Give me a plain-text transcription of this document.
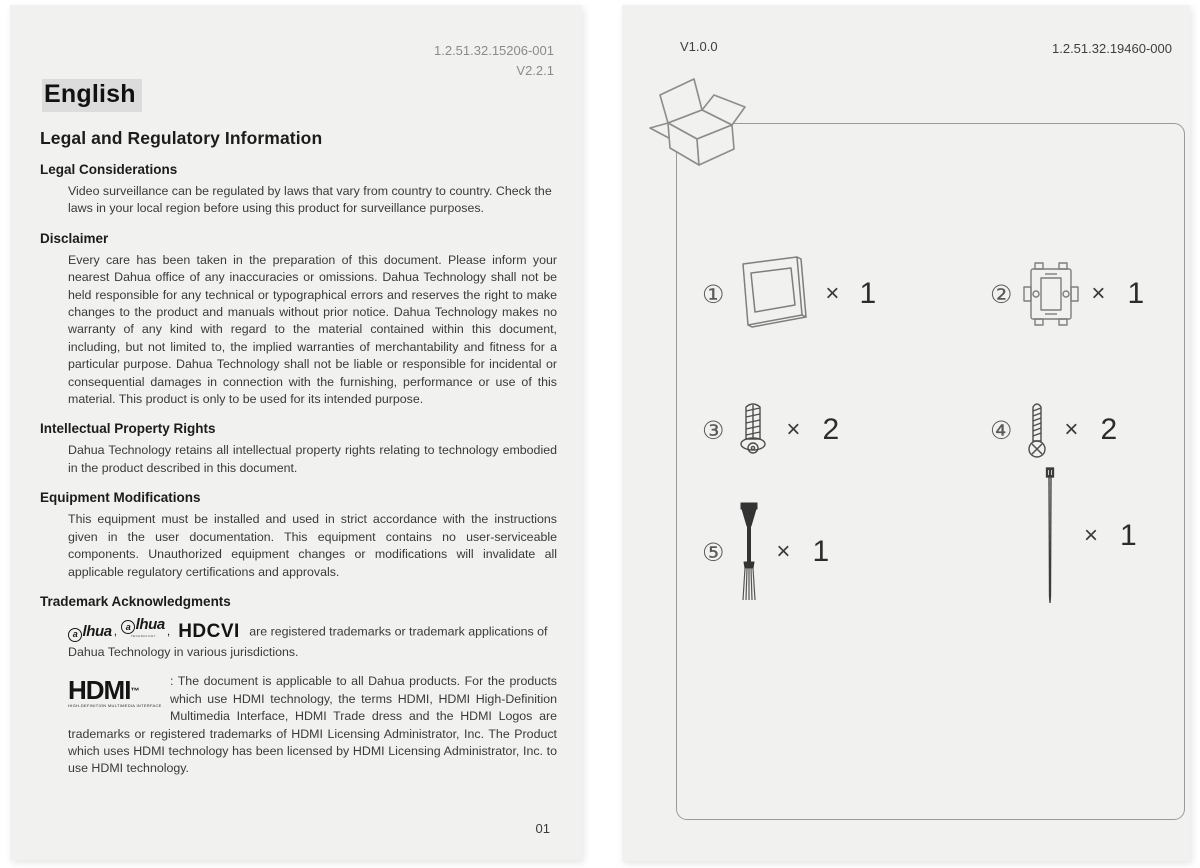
1.2.51.32.15206-001
V2.2.1
English
Legal and Regulatory Information
Legal Considerations

Video surveillance can be regulated by laws that vary from country to country. Check the laws in your local region before using this product for surveillance purposes.

Disclaimer

Every care has been taken in the preparation of this document. Please inform your nearest Dahua office of any inaccuracies or omissions. Dahua Technology shall not be held responsible for any technical or typographical errors and reserves the right to make changes to the product and manuals without prior notice. Dahua Technology makes no warranty of any kind with regard to the material contained within this document, including, but not limited to, the implied warranties of merchantability and fitness for a particular purpose. Dahua Technology shall not be liable or responsible for incidental or consequential damages in connection with the furnishing, performance or use of this material. This product is only to be used for its intended purpose.

Intellectual Property Rights

Dahua Technology retains all intellectual property rights relating to technology embodied in the product described in this document.

Equipment Modifications

This equipment must be installed and used in strict accordance with the instructions given in the user documentation. This equipment contains no user-serviceable components. Unauthorized equipment changes or modifications will invalidate all applicable regulatory certifications and approvals.

Trademark Acknowledgments
a lhua , a lhua
TECHNOLOGY , HDCVI are registered trademarks or trademark applications of Dahua Technology in various jurisdictions.
HDMI™
HIGH-DEFINITION MULTIMEDIA INTERFACE
: The document is applicable to all Dahua products. For the products which use HDMI technology, the terms HDMI, HDMI High-Definition Multimedia Interface, HDMI Trade dress and the HDMI Logos are trademarks or registered trademarks of HDMI Licensing Administrator, Inc. The Product which uses HDMI technology has been licensed by HDMI Licensing Administrator, Inc. to use HDMI technology.
01
V1.0.0	1.2.51.32.19460-000
①	× 1	②	× 1
③	× 2	④ × 2
⑤ × 1	× 1
